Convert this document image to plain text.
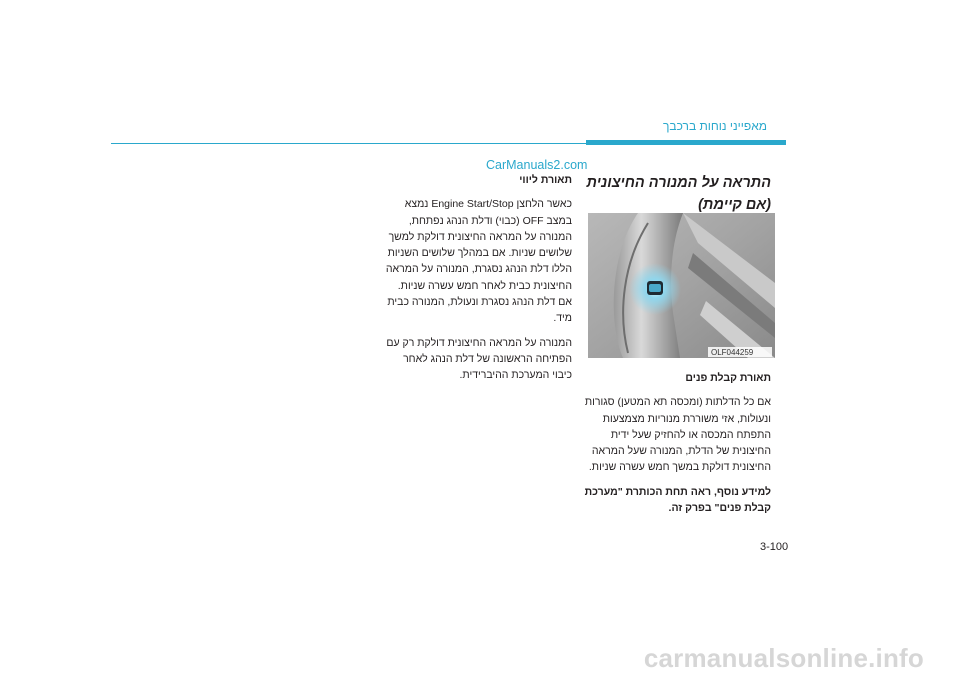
מאפייני נוחות ברכבך
CarManuals2.com
התראה על המנורה החיצונית
(אם קיימת)
OLF044259

תאורת קבלת פנים

אם כל הדלתות (ומכסה תא המטען) סגורות ונעולות, אזי משוררת מנוריות מצמצעות התפתח המכסה או להחזיק שעל ידית החיצונית של הדלת, המנורה שעל המראה החיצונית דולקת במשך חמש עשרה שניות.

למידע נוסף, ראה תחת הכותרת "מערכת קבלת פנים" בפרק זה.

תאורת ליווי

כאשר הלחצן Engine Start/Stop נמצא במצב OFF (כבוי) ודלת הנהג נפתחת, המנורה על המראה החיצונית דולקת למשך שלושים שניות. אם במהלך שלושים השניות הללו דלת הנהג נסגרת, המנורה על המראה החיצונית כבית לאחר חמש עשרה שניות. אם דלת הנהג נסגרת ונעולת, המנורה כבית מיד.

המנורה על המראה החיצונית דולקת רק עם הפתיחה הראשונה של דלת הנהג לאחר כיבוי המערכת ההיברידית.

3-100
carmanualsonline.info
